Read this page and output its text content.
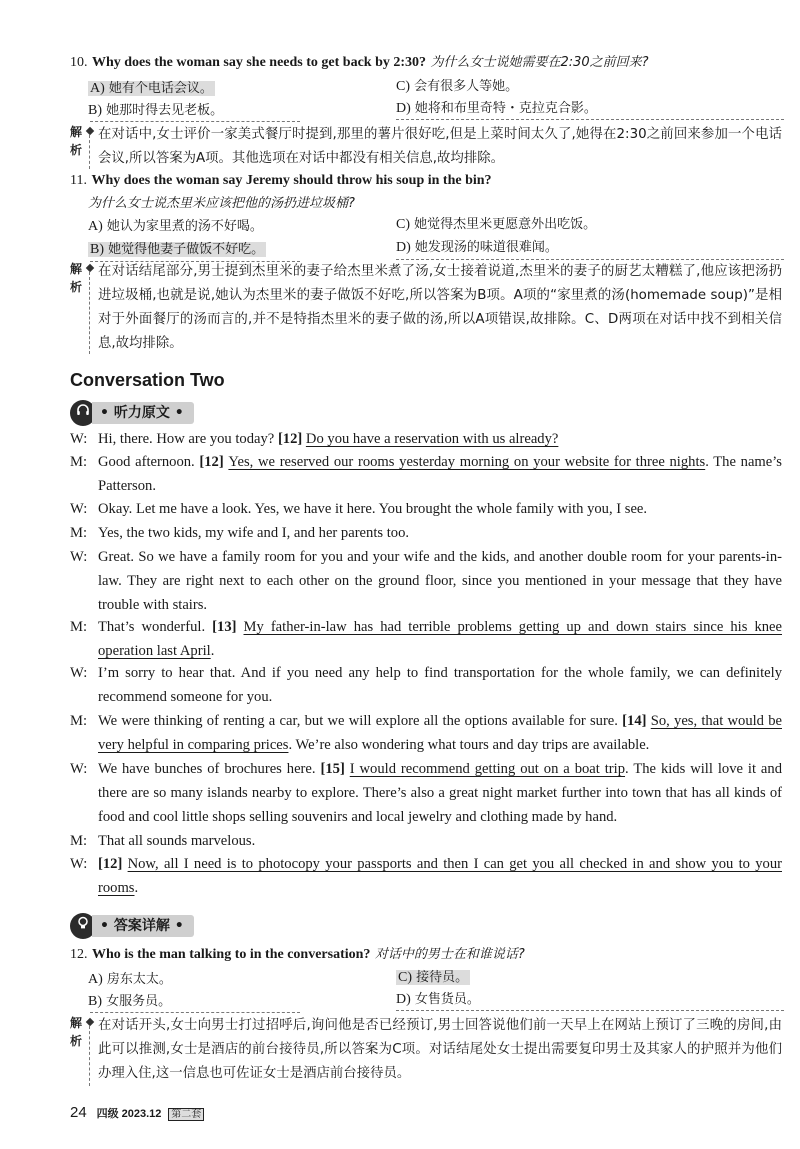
10. Why does the woman say she needs to get back by 2:30? 为什么女士说她需要在2:30之前回来?
A) 她有个电话会议。	C) 会有很多人等她。
B) 她那时得去见老板。	D) 她将和布里奇特・克拉克合影。
解析
在对话中,女士评价一家美式餐厅时提到,那里的薯片很好吃,但是上菜时间太久了,她得在2:30之前回来参加一个电话会议,所以答案为A项。其他选项在对话中都没有相关信息,故均排除。
11. Why does the woman say Jeremy should throw his soup in the bin?
为什么女士说杰里米应该把他的汤扔进垃圾桶?
A) 她认为家里煮的汤不好喝。	C) 她觉得杰里米更愿意外出吃饭。
B) 她觉得他妻子做饭不好吃。	D) 她发现汤的味道很难闻。
解析
在对话结尾部分,男士提到杰里米的妻子给杰里米煮了汤,女士接着说道,杰里米的妻子的厨艺太糟糕了,他应该把汤扔进垃圾桶,也就是说,她认为杰里米的妻子做饭不好吃,所以答案为B项。A项的“家里煮的汤(homemade soup)”是相对于外面餐厅的汤而言的,并不是特指杰里米的妻子做的汤,所以A项错误,故排除。C、D两项在对话中找不到相关信息,故均排除。
Conversation Two
• 听力原文 •
W: Hi, there. How are you today? [12] Do you have a reservation with us already?
M: Good afternoon. [12] Yes, we reserved our rooms yesterday morning on your website for three nights. The name’s Patterson.
W: Okay. Let me have a look. Yes, we have it here. You brought the whole family with you, I see.
M: Yes, the two kids, my wife and I, and her parents too.
W: Great. So we have a family room for you and your wife and the kids, and another double room for your parents-in-law. They are right next to each other on the ground floor, since you mentioned in your message that they have trouble with stairs.
M: That’s wonderful. [13] My father-in-law has had terrible problems getting up and down stairs since his knee operation last April.
W: I’m sorry to hear that. And if you need any help to find transportation for the whole family, we can definitely recommend someone for you.
M: We were thinking of renting a car, but we will explore all the options available for sure. [14] So, yes, that would be very helpful in comparing prices. We’re also wondering what tours and day trips are available.
W: We have bunches of brochures here. [15] I would recommend getting out on a boat trip. The kids will love it and there are so many islands nearby to explore. There’s also a great night market further into town that has all kinds of food and cool little shops selling souvenirs and local jewelry and clothing made by hand.
M: That all sounds marvelous.
W: [12] Now, all I need is to photocopy your passports and then I can get you all checked in and show you to your rooms.
• 答案详解 •
12. Who is the man talking to in the conversation? 对话中的男士在和谁说话?
A) 房东太太。	C) 接待员。
B) 女服务员。	D) 女售货员。
解析
在对话开头,女士向男士打过招呼后,询问他是否已经预订,男士回答说他们前一天早上在网站上预订了三晚的房间,由此可以推测,女士是酒店的前台接待员,所以答案为C项。对话结尾处女士提出需要复印男士及其家人的护照并为他们办理入住,这一信息也可佐证女士是酒店前台接待员。
24 四级 2023.12 第二套
